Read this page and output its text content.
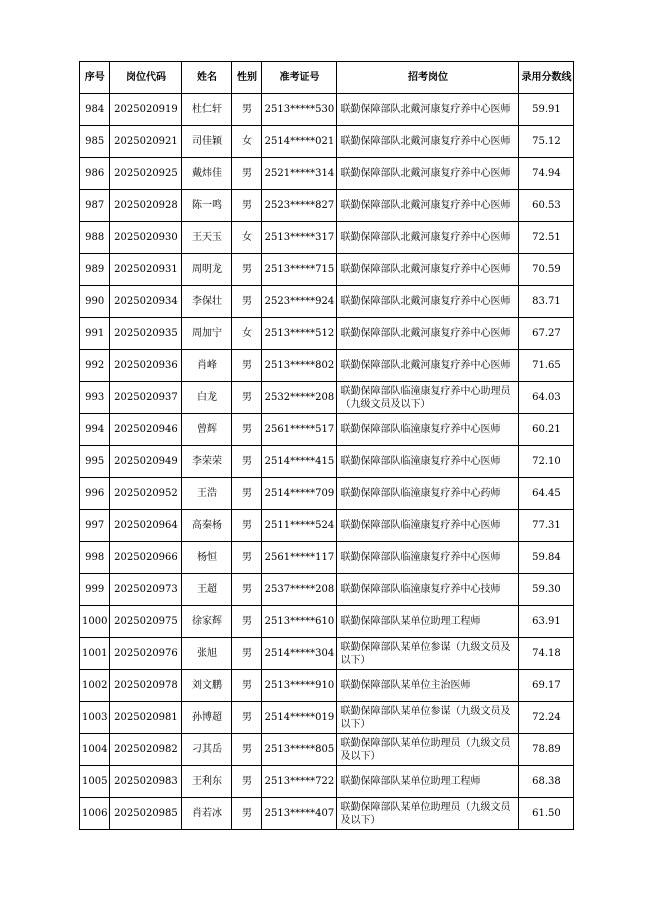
序号	岗位代码	姓名	性别	准考证号	招考岗位	录用分数线
984	2025020919	杜仁轩	男	2513*****530	联勤保障部队北戴河康复疗养中心医师	59.91
985	2025020921	司佳颖	女	2514*****021	联勤保障部队北戴河康复疗养中心医师	75.12
986	2025020925	戴炜佳	男	2521*****314	联勤保障部队北戴河康复疗养中心医师	74.94
987	2025020928	陈一鸣	男	2523*****827	联勤保障部队北戴河康复疗养中心医师	60.53
988	2025020930	王天玉	女	2513*****317	联勤保障部队北戴河康复疗养中心医师	72.51
989	2025020931	周明龙	男	2513*****715	联勤保障部队北戴河康复疗养中心医师	70.59
990	2025020934	李保壮	男	2523*****924	联勤保障部队北戴河康复疗养中心医师	83.71
991	2025020935	周加宁	女	2513*****512	联勤保障部队北戴河康复疗养中心医师	67.27
992	2025020936	肖峰	男	2513*****802	联勤保障部队北戴河康复疗养中心医师	71.65
993	2025020937	白龙	男	2532*****208	联勤保障部队临潼康复疗养中心助理员（九级文员及以下）	64.03
994	2025020946	曾辉	男	2561*****517	联勤保障部队临潼康复疗养中心医师	60.21
995	2025020949	李荣荣	男	2514*****415	联勤保障部队临潼康复疗养中心医师	72.10
996	2025020952	王浩	男	2514*****709	联勤保障部队临潼康复疗养中心药师	64.45
997	2025020964	高秦杨	男	2511*****524	联勤保障部队临潼康复疗养中心医师	77.31
998	2025020966	杨恒	男	2561*****117	联勤保障部队临潼康复疗养中心医师	59.84
999	2025020973	王超	男	2537*****208	联勤保障部队临潼康复疗养中心技师	59.30
1000	2025020975	徐家辉	男	2513*****610	联勤保障部队某单位助理工程师	63.91
1001	2025020976	张旭	男	2514*****304	联勤保障部队某单位参谋（九级文员及以下）	74.18
1002	2025020978	刘文鹏	男	2513*****910	联勤保障部队某单位主治医师	69.17
1003	2025020981	孙博超	男	2514*****019	联勤保障部队某单位参谋（九级文员及以下）	72.24
1004	2025020982	刁其岳	男	2513*****805	联勤保障部队某单位助理员（九级文员及以下）	78.89
1005	2025020983	王利东	男	2513*****722	联勤保障部队某单位助理工程师	68.38
1006	2025020985	肖若冰	男	2513*****407	联勤保障部队某单位助理员（九级文员及以下）	61.50
